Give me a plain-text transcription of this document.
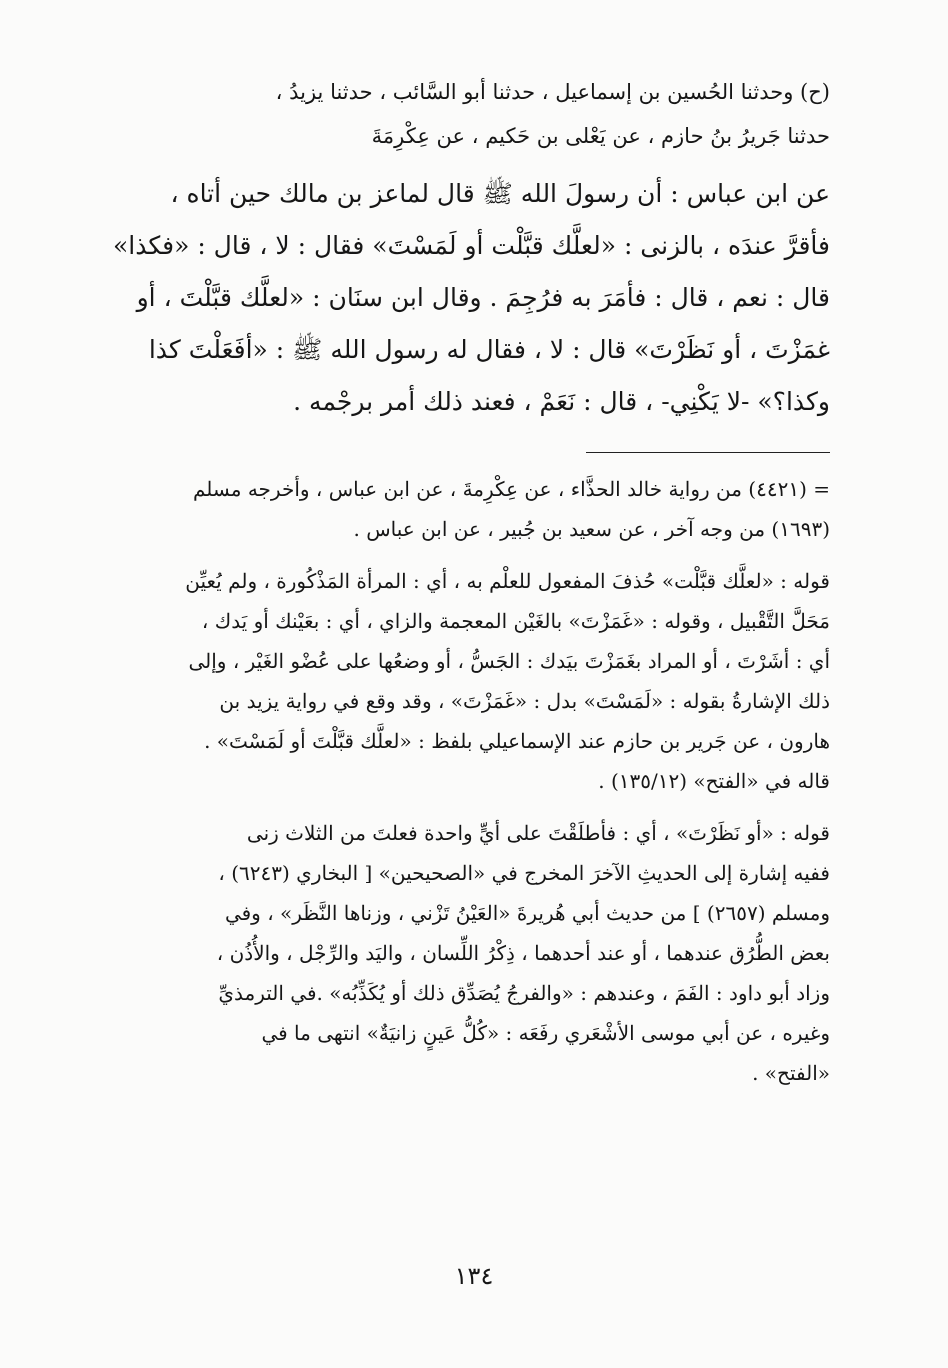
(ح) وحدثنا الحُسين بن إسماعيل ، حدثنا أبو السَّائب ، حدثنا يزيدُ ،

حدثنا جَريرُ بنُ حازم ، عن يَعْلى بن حَكيم ، عن عِكْرِمَةَ

عن ابن عباس : أن رسولَ الله ﷺ قال لماعز بن مالك حين أتاه ،

فأقرَّ عندَه ، بالزنى : «لعلَّك قبَّلْت أو لَمَسْتَ» فقال : لا ، قال : «فكذا»

قال : نعم ، قال : فأمَرَ به فرُجِمَ . وقال ابن سنَان : «لعلَّك قبَّلْتَ ، أو

غمَزْتَ ، أو نَظَرْتَ» قال : لا ، فقال له رسول الله ﷺ : «أفَعَلْتَ كذا

وكذا؟» -لا يَكْنِي- ، قال : نَعَمْ ، فعند ذلك أمر برجْمه .

= (٤٤٢١) من رواية خالد الحذَّاء ، عن عِكْرِمةَ ، عن ابن عباس ، وأخرجه مسلم

(١٦٩٣) من وجه آخر ، عن سعيد بن جُبير ، عن ابن عباس .

قوله : «لعلَّك قبَّلْت» حُذفَ المفعول للعلْم به ، أي : المرأة المَذْكُورة ، ولم يُعيِّن

مَحَلَّ التَّقْبيل ، وقوله : «غَمَزْتَ» بالغَيْن المعجمة والزاي ، أي : بعَيْنك أو يَدك ،

أي : أشَرْتَ ، أو المراد بغَمَزْتَ بيَدك : الجَسُّ ، أو وضعُها على عُضْو الغَيْر ، وإلى

ذلك الإشارةُ بقوله : «لَمَسْتَ» بدل : «غَمَزْتَ» ، وقد وقع في رواية يزيد بن

هارون ، عن جَرير بن حازم عند الإسماعيلي بلفظ : «لعلَّك قبَّلْتَ أو لَمَسْتَ» .

قاله في «الفتح» (١٣٥/١٢) .

قوله : «أو نَظَرْتَ» ، أي : فأطلَقْتَ على أيٍّ واحدة فعلتَ من الثلاث زنى

ففيه إشارة إلى الحديثِ الآخرَ المخرج في «الصحيحين» [ البخاري (٦٢٤٣) ،

ومسلم (٢٦٥٧) ] من حديث أبي هُريرةَ «العَيْنُ تَزْني ، وزناها النَّظَر» ، وفي

بعض الطُّرُق عندهما ، أو عند أحدهما ، ذِكْرُ اللِّسان ، واليَد والرِّجْل ، والأُذُن ،

وزاد أبو داود : الفَمَ ، وعندهم : «والفرجُ يُصَدِّق ذلك أو يُكَذِّبُه» .في الترمذيِّ

وغيره ، عن أبي موسى الأشْعَري رفَعَه : «كُلُّ عَينٍ زانيَةٌ» انتهى ما في

«الفتح» .

١٣٤
